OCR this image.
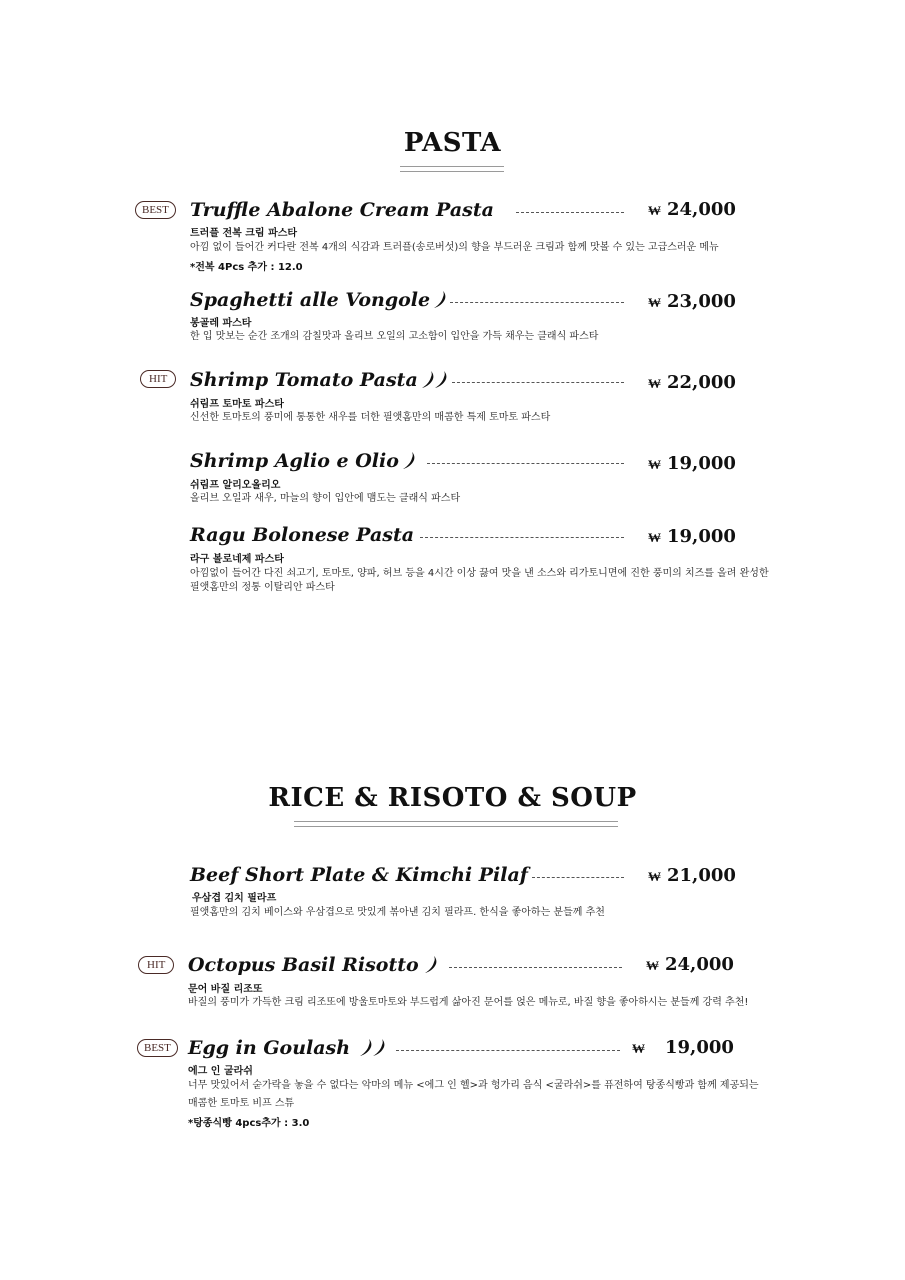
PASTA
BEST	Truffle Abalone Cream Pasta	₩ 24,000
트러플 전복 크림 파스타
아낌 없이 들어간 커다란 전복 4개의 식감과 트러플(송로버섯)의 향을 부드러운 크림과 함께 맛볼 수 있는 고급스러운 메뉴
*전복 4Pcs 추가 : 12.0
Spaghetti alle Vongole	₩ 23,000
봉골레 파스타
한 입 맛보는 순간 조개의 감칠맛과 올리브 오일의 고소함이 입안을 가득 채우는 클래식 파스타
HIT	Shrimp Tomato Pasta	₩ 22,000
쉬림프 토마토 파스타
신선한 토마토의 풍미에 통통한 새우를 더한 필앳홈만의 매콤한 특제 토마토 파스타
Shrimp Aglio e Olio	₩ 19,000
쉬림프 알리오올리오
올리브 오일과 새우, 마늘의 향이 입안에 맴도는 클래식 파스타
Ragu Bolonese Pasta	₩ 19,000
라구 볼로네제 파스타
아낌없이 들어간 다진 쇠고기, 토마토, 양파, 허브 등을 4시간 이상 끓여 맛을 낸 소스와 리가토니면에 진한 풍미의 치즈를 올려 완성한
필앳홈만의 정통 이탈리안 파스타
RICE & RISOTO & SOUP
Beef Short Plate & Kimchi Pilaf	₩ 21,000
우삼겹 김치 필라프
필앳홈만의 김치 베이스와 우삼겹으로 맛있게 볶아낸 김치 필라프. 한식을 좋아하는 분들께 추천
HIT	Octopus Basil Risotto	₩ 24,000
문어 바질 리조또
바질의 풍미가 가득한 크림 리조또에 방울토마토와 부드럽게 삶아진 문어를 얹은 메뉴로, 바질 향을 좋아하시는 분들께 강력 추천!
BEST Egg in Goulash	₩ 19,000
에그 인 굴라쉬
너무 맛있어서 숟가락을 놓을 수 없다는 악마의 메뉴 <에그 인 헬>과 헝가리 음식 <굴라쉬>를 퓨전하여 탕종식빵과 함께 제공되는
매콤한 토마토 비프 스튜
*탕종식빵 4pcs추가 : 3.0
